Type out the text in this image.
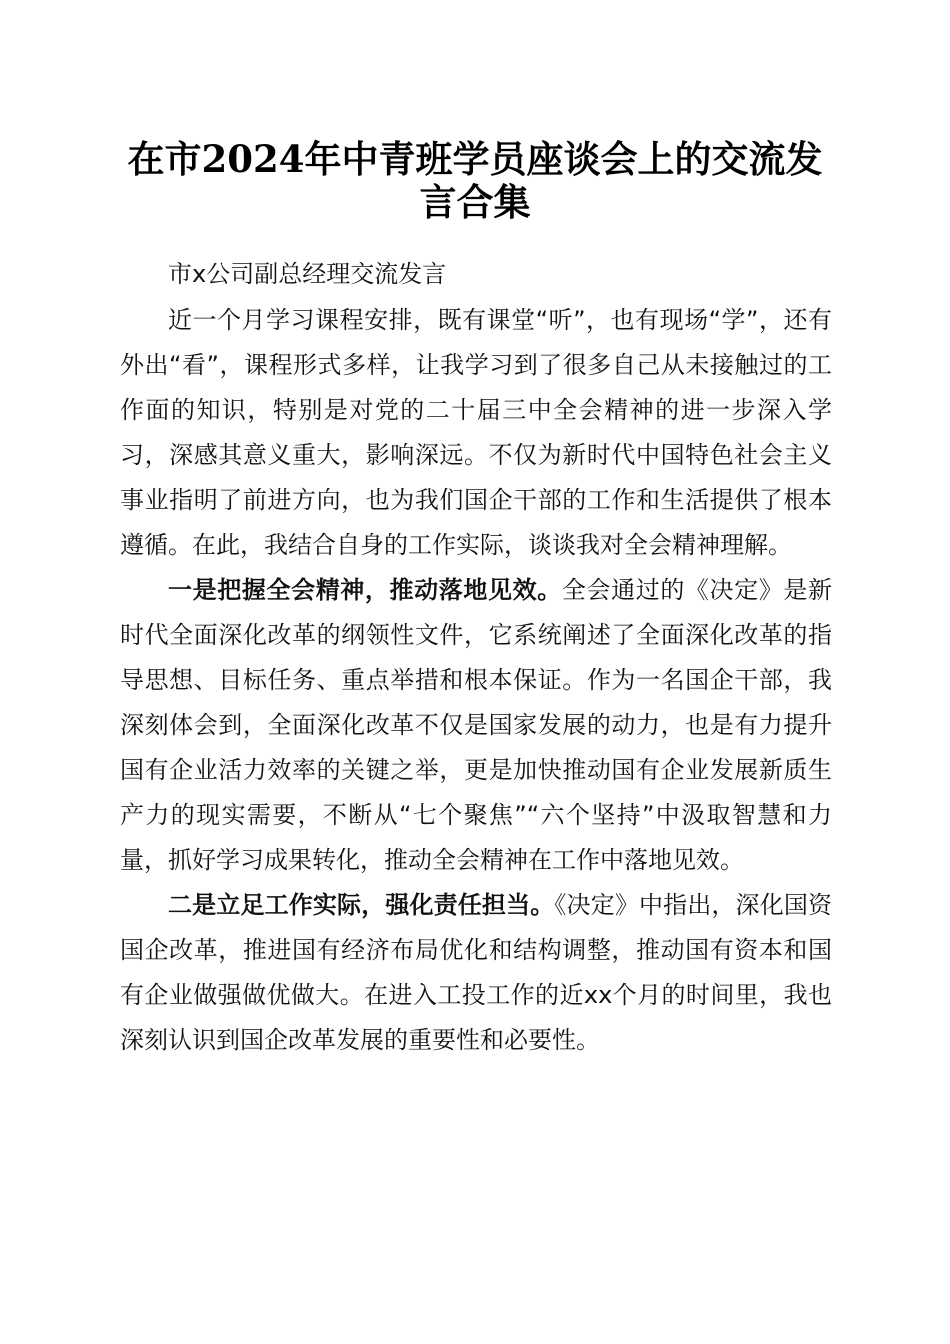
在市2024年中青班学员座谈会上的交流发言合集

市x公司副总经理交流发言

近一个月学习课程安排，既有课堂“听”，也有现场“学”，还有外出“看”，课程形式多样，让我学习到了很多自己从未接触过的工作面的知识，特别是对党的二十届三中全会精神的进一步深入学习，深感其意义重大，影响深远。不仅为新时代中国特色社会主义事业指明了前进方向，也为我们国企干部的工作和生活提供了根本遵循。在此，我结合自身的工作实际，谈谈我对全会精神理解。

一是把握全会精神，推动落地见效。全会通过的《决定》是新时代全面深化改革的纲领性文件，它系统阐述了全面深化改革的指导思想、目标任务、重点举措和根本保证。作为一名国企干部，我深刻体会到，全面深化改革不仅是国家发展的动力，也是有力提升国有企业活力效率的关键之举，更是加快推动国有企业发展新质生产力的现实需要，不断从“七个聚焦”“六个坚持”中汲取智慧和力量，抓好学习成果转化，推动全会精神在工作中落地见效。

二是立足工作实际，强化责任担当。《决定》中指出，深化国资国企改革，推进国有经济布局优化和结构调整，推动国有资本和国有企业做强做优做大。在进入工投工作的近xx个月的时间里，我也深刻认识到国企改革发展的重要性和必要性。
